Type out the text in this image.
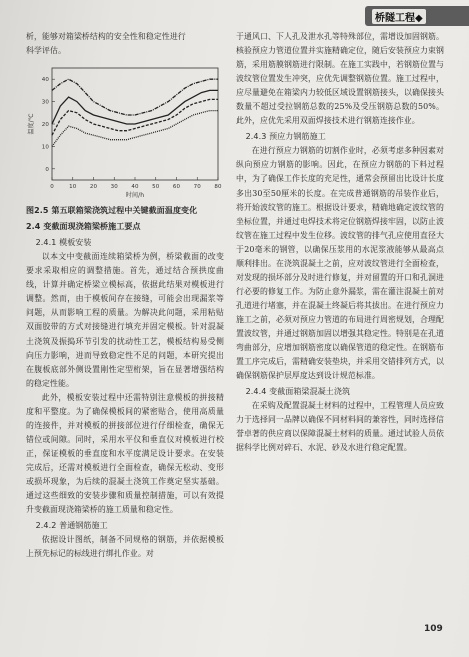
桥隧工程◆

析，能够对箱梁桥结构的安全性和稳定性进行

科学评估。

0	10 20 30 40 50 60 70 80
0
10
20
30
40
时间/h
温度/℃
图2.5 第五联箱梁浇筑过程中关键截面温度变化
2.4 变截面现浇箱梁桥施工要点
2.4.1 模板安装

以本文中变截面连续箱梁桥为例，桥梁截面的改变要求采取相应的调整措施。首先，通过结合预拱度曲线，计算并确定桥梁立模标高，依据此结果对模板进行调整。然而，由于模板间存在接缝，可能会出现漏浆等问题，从而影响工程的质量。为解决此问题，采用粘贴双面胶带的方式对接缝进行填充并固定模板。针对混凝土浇筑及振捣环节引发的扰动性工艺，模板结构易受侧向压力影响，进而导致稳定性不足的问题，本研究提出在腹板底部外侧设置刚性定型桁架，旨在显著增强结构的稳定性能。

此外，模板安装过程中还需特别注意模板的拼接精度和平整度。为了确保模板间的紧密贴合，使用高质量的连接件，并对模板的拼接部位进行仔细检查，确保无错位或间隙。同时，采用水平仪和垂直仪对模板进行校正，保证模板的垂直度和水平度满足设计要求。在安装完成后，还需对模板进行全面检查，确保无松动、变形或损坏现象，为后续的混凝土浇筑工作奠定坚实基础。通过这些细致的安装步骤和质量控制措施，可以有效提升变截面现浇箱梁桥的施工质量和稳定性。

2.4.2 普通钢筋施工

依据设计图纸，制备不同规格的钢筋，并依据模板上预先标记的标线进行绑扎作业。对

于通风口、下人孔及泄水孔等特殊部位，需增设加固钢筋。核验预应力管道位置并实施精确定位，随后安装预应力束钢筋，采用筋膜钢筋进行限制。在施工实践中，若钢筋位置与波纹管位置发生冲突，应优先调整钢筋位置。施工过程中，应尽量避免在箱梁内力较低区域设置钢筋接头，以确保接头数量不超过受拉钢筋总数的25%及受压钢筋总数的50%。此外，应优先采用双面焊接技术进行钢筋连接作业。

2.4.3 预应力钢筋施工

在进行预应力钢筋的切割作业时，必须考虑多种因素对纵向预应力钢筋的影响。因此，在预应力钢筋的下料过程中，为了确保工作长度的充足性，通常会预留出比设计长度多出30至50厘米的长度。在完成普通钢筋的吊装作业后，将开始波纹管的施工。根据设计要求，精确地确定波纹管的坐标位置，并通过电焊技术将定位钢筋焊接牢固，以防止波纹管在施工过程中发生位移。波纹管的排气孔应使用直径大于20毫米的钢管，以确保压浆用的水泥浆液能够从最高点顺利排出。在浇筑混凝土之前，应对波纹管进行全面检查，对发现的损坏部分及时进行修复，并对留置的开口和孔洞进行必要的修复工作。为防止意外漏浆，需在灌注混凝土前对孔道进行堵塞，并在混凝土终凝后将其拔出。在进行预应力施工之前，必须对预应力管道的布局进行周密规划，合理配置波纹管，并通过钢筋加固以增强其稳定性。特别是在孔道弯曲部分，应增加钢筋密度以确保管道的稳定性。在钢筋布置工序完成后，需精确安装垫块，并采用交错排列方式，以确保钢筋保护层厚度达到设计规范标准。

2.4.4 变截面箱梁混凝土浇筑

在采购及配置混凝土材料的过程中，工程管理人员应致力于选择同一品牌以确保不同材料间的兼容性，同时选择信誉卓著的供应商以保障混凝土材料的质量。通过试验人员依据科学比例对碎石、水泥、砂及水进行稳定配置。

109
